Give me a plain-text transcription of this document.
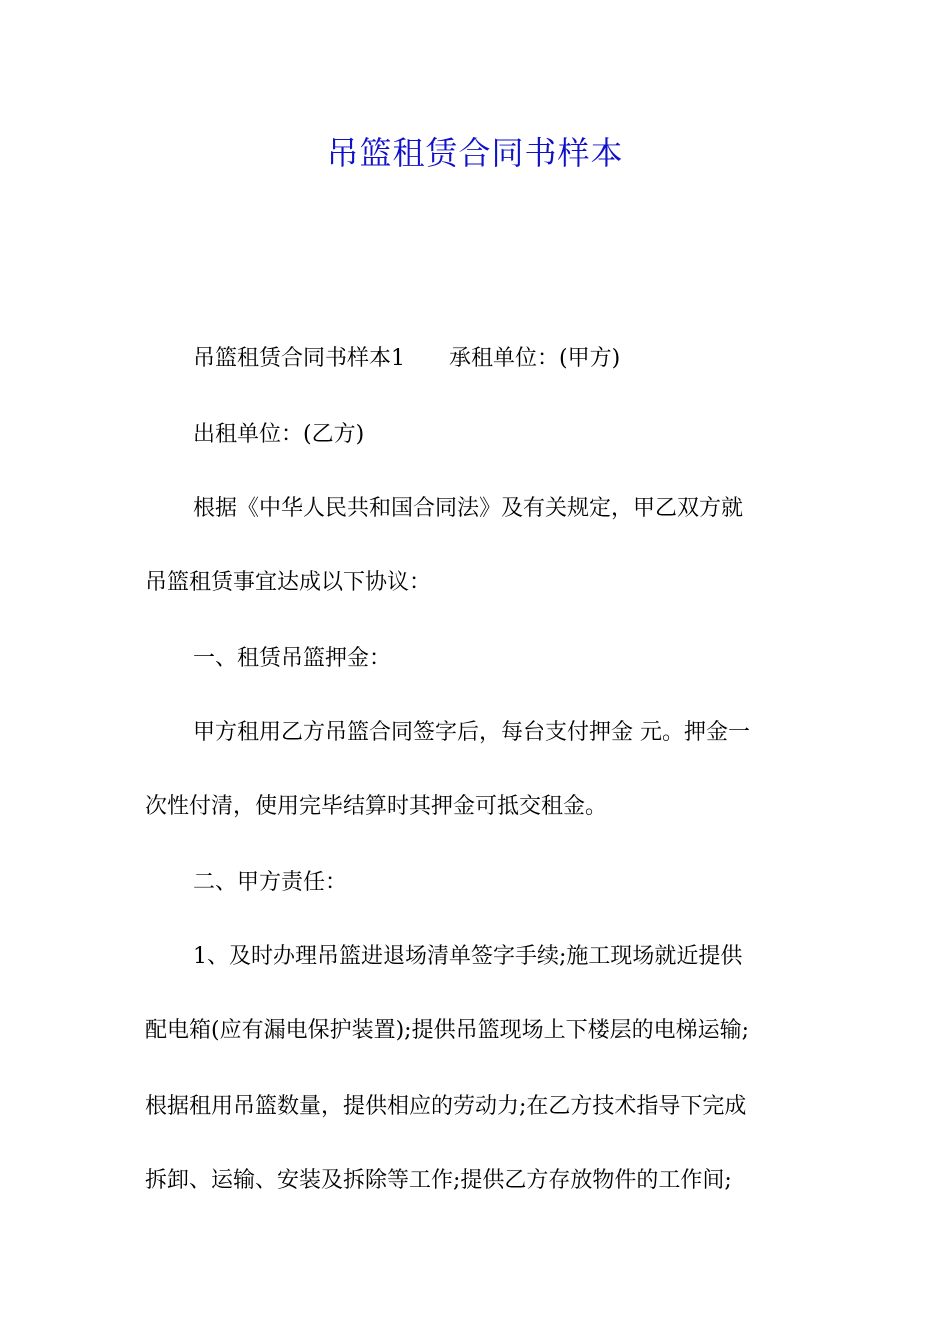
吊篮租赁合同书样本

吊篮租赁合同书样本1 承租单位：(甲方)

出租单位：(乙方)

根据《中华人民共和国合同法》及有关规定，甲乙双方就

吊篮租赁事宜达成以下协议：

一、租赁吊篮押金：

甲方租用乙方吊篮合同签字后，每台支付押金 元。押金一

次性付清，使用完毕结算时其押金可抵交租金。

二、甲方责任：

1、及时办理吊篮进退场清单签字手续;施工现场就近提供

配电箱(应有漏电保护装置);提供吊篮现场上下楼层的电梯运输;

根据租用吊篮数量，提供相应的劳动力;在乙方技术指导下完成

拆卸、运输、安装及拆除等工作;提供乙方存放物件的工作间;
